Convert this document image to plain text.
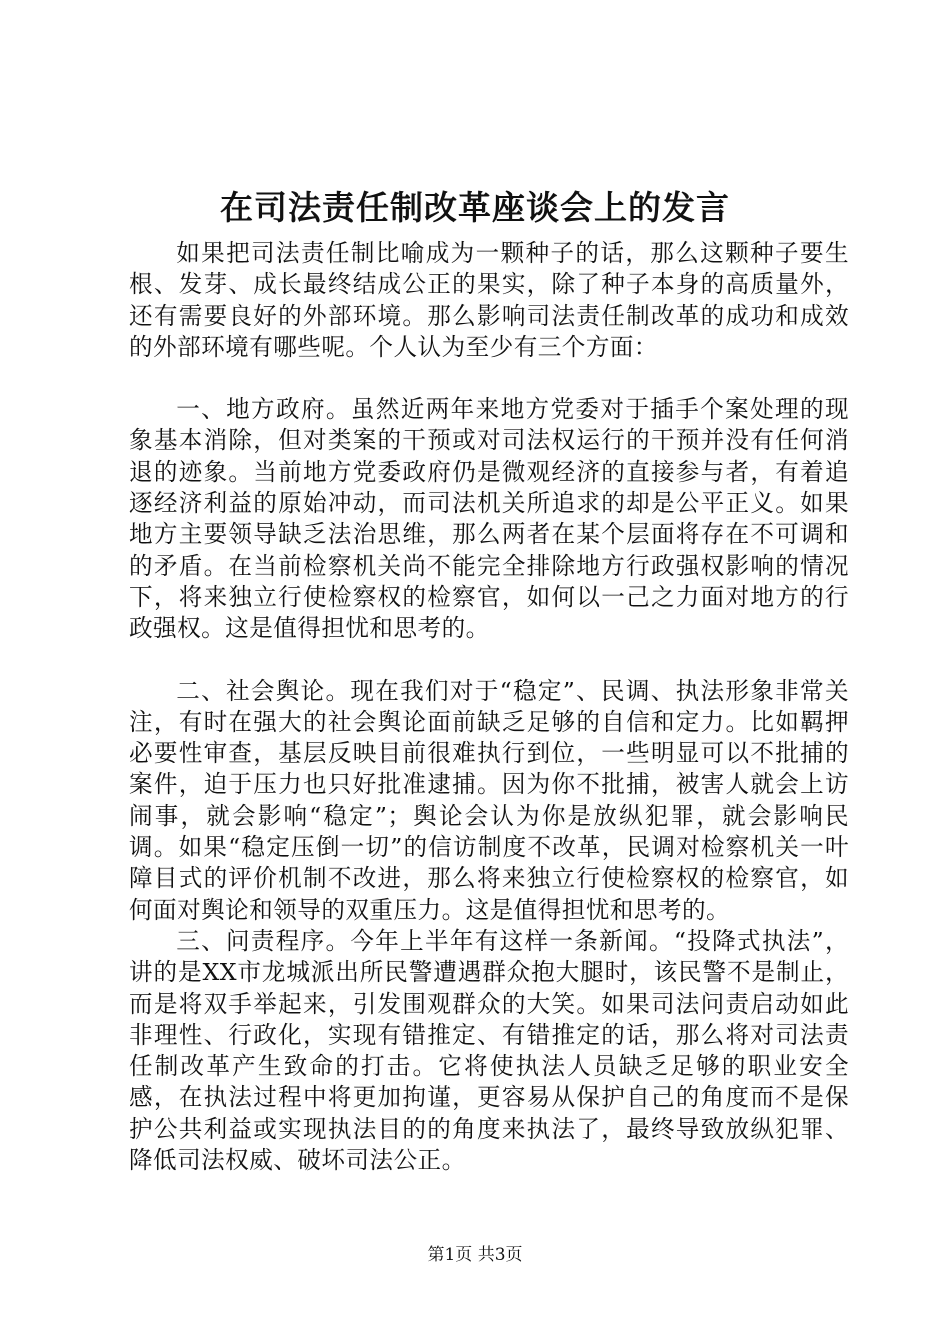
在司法责任制改革座谈会上的发言

如果把司法责任制比喻成为一颗种子的话，那么这颗种子要生根、发芽、成长最终结成公正的果实，除了种子本身的高质量外，还有需要良好的外部环境。那么影响司法责任制改革的成功和成效的外部环境有哪些呢。个人认为至少有三个方面：

一、地方政府。虽然近两年来地方党委对于插手个案处理的现象基本消除，但对类案的干预或对司法权运行的干预并没有任何消退的迹象。当前地方党委政府仍是微观经济的直接参与者，有着追逐经济利益的原始冲动，而司法机关所追求的却是公平正义。如果地方主要领导缺乏法治思维，那么两者在某个层面将存在不可调和的矛盾。在当前检察机关尚不能完全排除地方行政强权影响的情况下，将来独立行使检察权的检察官，如何以一己之力面对地方的行政强权。这是值得担忧和思考的。

二、社会舆论。现在我们对于“稳定”、民调、执法形象非常关注，有时在强大的社会舆论面前缺乏足够的自信和定力。比如羁押必要性审查，基层反映目前很难执行到位，一些明显可以不批捕的案件，迫于压力也只好批准逮捕。因为你不批捕，被害人就会上访闹事，就会影响“稳定”；舆论会认为你是放纵犯罪，就会影响民调。如果“稳定压倒一切”的信访制度不改革，民调对检察机关一叶障目式的评价机制不改进，那么将来独立行使检察权的检察官，如何面对舆论和领导的双重压力。这是值得担忧和思考的。

三、问责程序。今年上半年有这样一条新闻。“投降式执法”，讲的是XX市龙城派出所民警遭遇群众抱大腿时，该民警不是制止，而是将双手举起来，引发围观群众的大笑。如果司法问责启动如此非理性、行政化，实现有错推定、有错推定的话，那么将对司法责任制改革产生致命的打击。它将使执法人员缺乏足够的职业安全感，在执法过程中将更加拘谨，更容易从保护自己的角度而不是保护公共利益或实现执法目的的角度来执法了，最终导致放纵犯罪、降低司法权威、破坏司法公正。

第1页 共3页
